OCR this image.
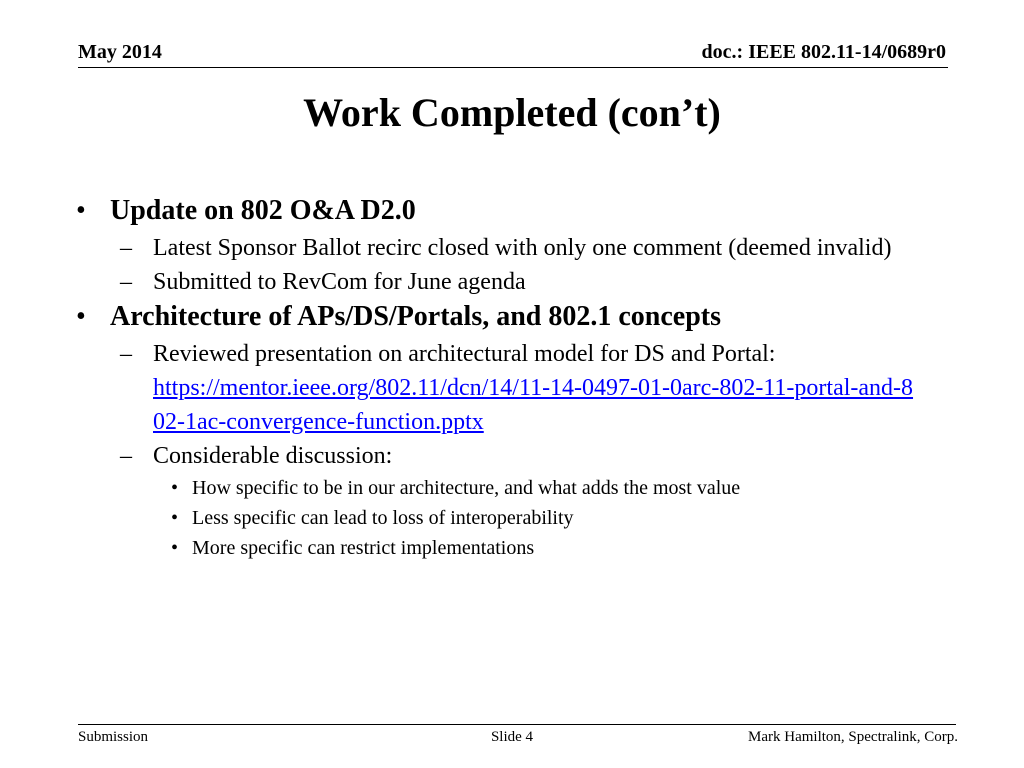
May 2014	doc.: IEEE 802.11-14/0689r0
Work Completed (con’t)
• Update on 802 O&A D2.0
– Latest Sponsor Ballot recirc closed with only one comment (deemed invalid)
– Submitted to RevCom for June agenda
• Architecture of APs/DS/Portals, and 802.1 concepts
– Reviewed presentation on architectural model for DS and Portal:
https://mentor.ieee.org/802.11/dcn/14/11-14-0497-01-0arc-802-11-portal-and-802-1ac-convergence-function.pptx
– Considerable discussion:
• How specific to be in our architecture, and what adds the most value
• Less specific can lead to loss of interoperability
• More specific can restrict implementations
Submission	Slide 4	Mark Hamilton, Spectralink, Corp.
